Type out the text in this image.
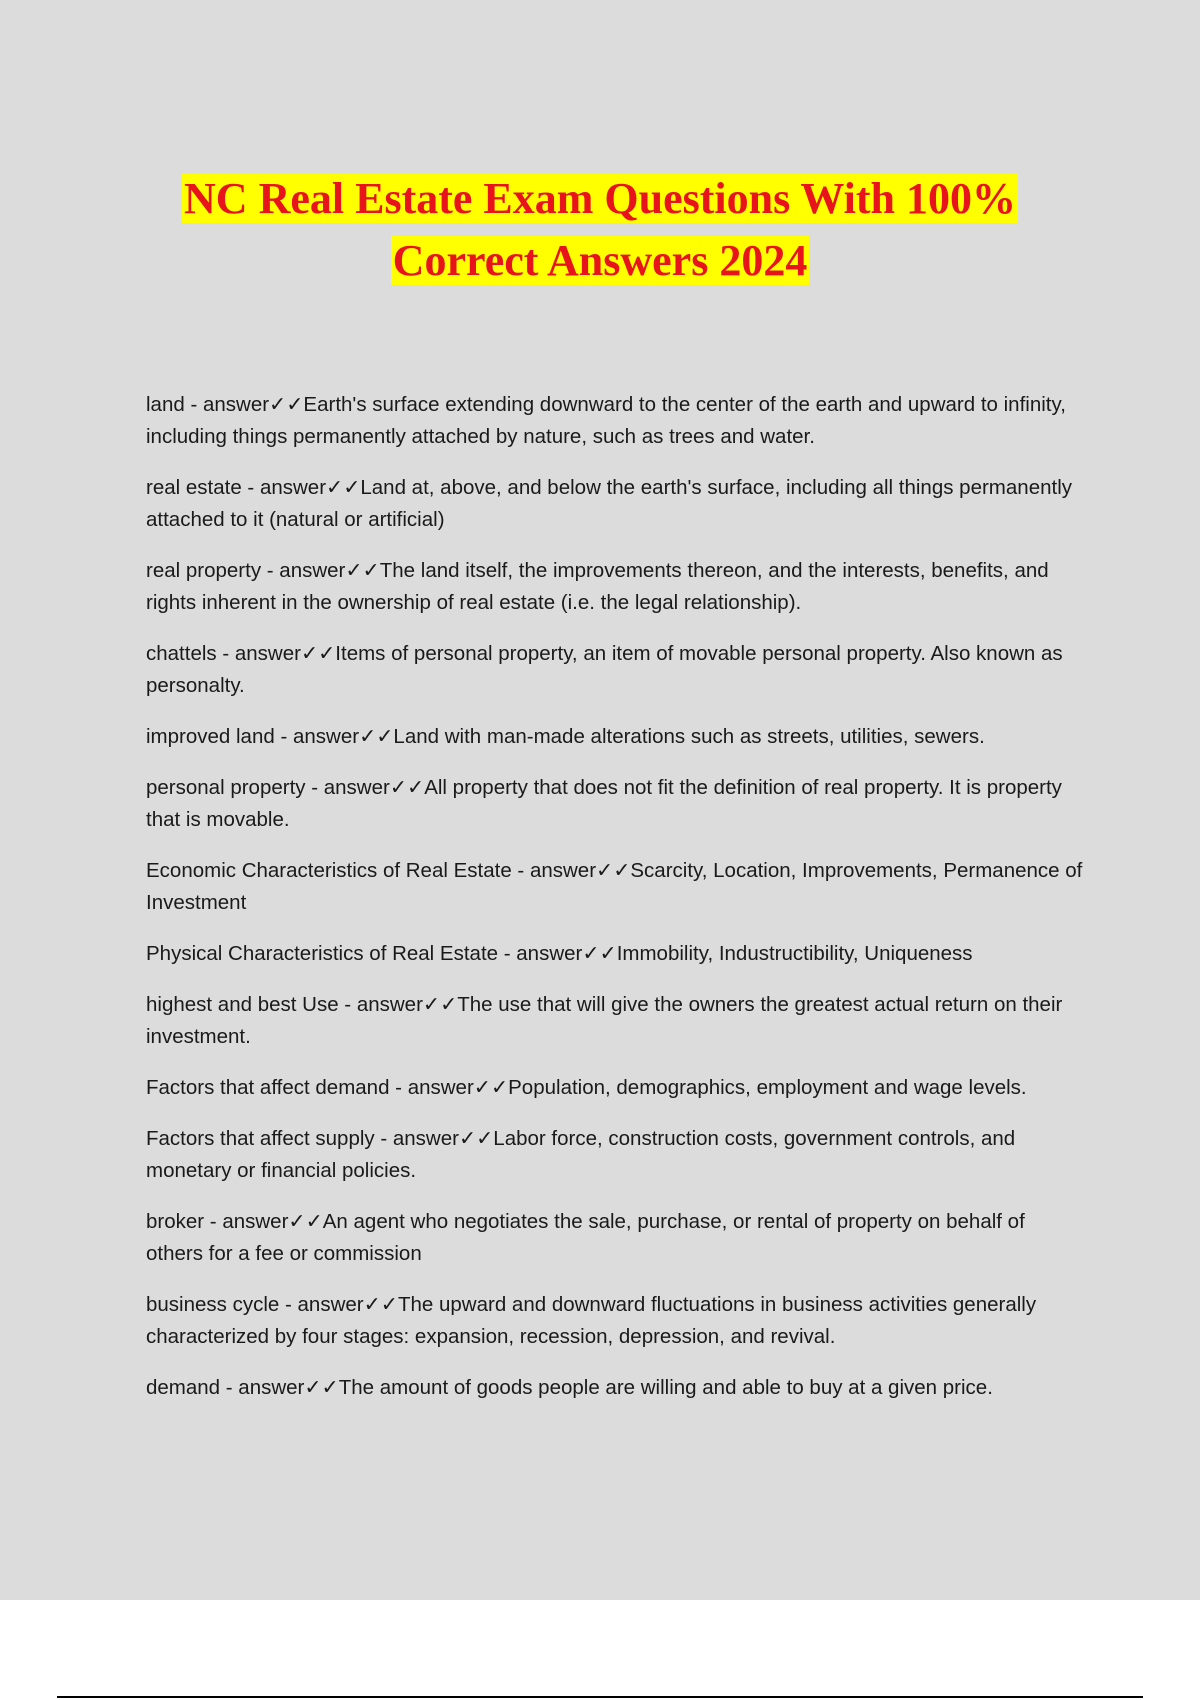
NC Real Estate Exam Questions With 100%
Correct Answers 2024

land - answer✓✓Earth's surface extending downward to the center of the earth and upward to infinity, including things permanently attached by nature, such as trees and water.

real estate - answer✓✓Land at, above, and below the earth's surface, including all things permanently attached to it (natural or artificial)

real property - answer✓✓The land itself, the improvements thereon, and the interests, benefits, and rights inherent in the ownership of real estate (i.e. the legal relationship).

chattels - answer✓✓Items of personal property, an item of movable personal property. Also known as personalty.

improved land - answer✓✓Land with man-made alterations such as streets, utilities, sewers.

personal property - answer✓✓All property that does not fit the definition of real property. It is property that is movable.

Economic Characteristics of Real Estate - answer✓✓Scarcity, Location, Improvements, Permanence of Investment

Physical Characteristics of Real Estate - answer✓✓Immobility, Industructibility, Uniqueness

highest and best Use - answer✓✓The use that will give the owners the greatest actual return on their investment.

Factors that affect demand - answer✓✓Population, demographics, employment and wage levels.

Factors that affect supply - answer✓✓Labor force, construction costs, government controls, and monetary or financial policies.

broker - answer✓✓An agent who negotiates the sale, purchase, or rental of property on behalf of others for a fee or commission

business cycle - answer✓✓The upward and downward fluctuations in business activities generally characterized by four stages: expansion, recession, depression, and revival.

demand - answer✓✓The amount of goods people are willing and able to buy at a given price.
